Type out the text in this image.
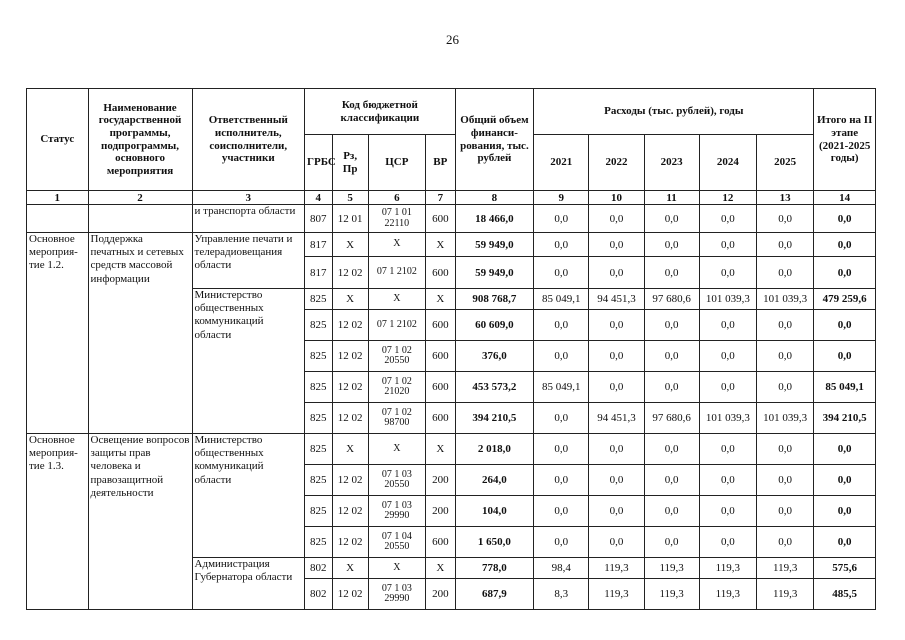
26
Статус	Наименование государственной программы, подпрограммы, основного мероприятия	Ответственный исполнитель, соисполнители, участники	Код бюджетной классификации				Общий объем финанси-рования, тыс. рублей	Расходы (тыс. рублей), годы					Итого на II этапе (2021-2025 годы)
			ГРБС	Рз, Пр	ЦСР	ВР		2021	2022	2023	2024	2025	
1	2	3	4	5	6	7	8	9	10	11	12	13	14
		и транспорта области	807	12 01	07 1 01 22110	600	18 466,0	0,0	0,0	0,0	0,0	0,0	0,0
Основное мероприя-тие 1.2.	Поддержка печатных и сетевых средств массовой информации	Управление печати и телерадиовещания области	817	Х	Х	Х	59 949,0	0,0	0,0	0,0	0,0	0,0	0,0
			817	12 02	07 1 2102	600	59 949,0	0,0	0,0	0,0	0,0	0,0	0,0
		Министерство общественных коммуникаций области	825	Х	Х	Х	908 768,7	85 049,1	94 451,3	97 680,6	101 039,3	101 039,3	479 259,6
			825	12 02	07 1 2102	600	60 609,0	0,0	0,0	0,0	0,0	0,0	0,0
			825	12 02	07 1 02 20550	600	376,0	0,0	0,0	0,0	0,0	0,0	0,0
			825	12 02	07 1 02 21020	600	453 573,2	85 049,1	0,0	0,0	0,0	0,0	85 049,1
			825	12 02	07 1 02 98700	600	394 210,5	0,0	94 451,3	97 680,6	101 039,3	101 039,3	394 210,5
Основное мероприя-тие 1.3.	Освещение вопросов защиты прав человека и правозащитной деятельности	Министерство общественных коммуникаций области	825	Х	Х	Х	2 018,0	0,0	0,0	0,0	0,0	0,0	0,0
			825	12 02	07 1 03 20550	200	264,0	0,0	0,0	0,0	0,0	0,0	0,0
			825	12 02	07 1 03 29990	200	104,0	0,0	0,0	0,0	0,0	0,0	0,0
			825	12 02	07 1 04 20550	600	1 650,0	0,0	0,0	0,0	0,0	0,0	0,0
		Администрация Губернатора области	802	Х	Х	Х	778,0	98,4	119,3	119,3	119,3	119,3	575,6
			802	12 02	07 1 03 29990	200	687,9	8,3	119,3	119,3	119,3	119,3	485,5
